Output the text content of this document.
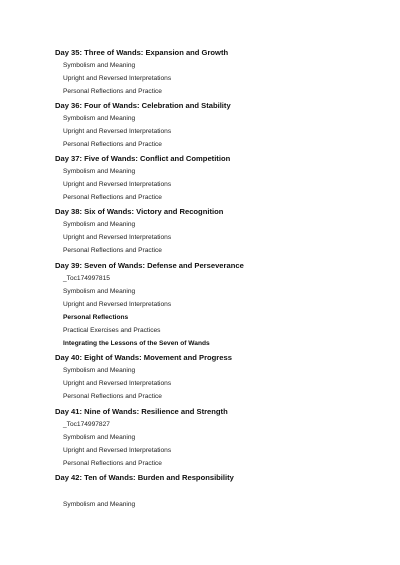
Day 35: Three of Wands: Expansion and Growth
Symbolism and Meaning
Upright and Reversed Interpretations
Personal Reflections and Practice
Day 36: Four of Wands: Celebration and Stability
Symbolism and Meaning
Upright and Reversed Interpretations
Personal Reflections and Practice
Day 37: Five of Wands: Conflict and Competition
Symbolism and Meaning
Upright and Reversed Interpretations
Personal Reflections and Practice
Day 38: Six of Wands: Victory and Recognition
Symbolism and Meaning
Upright and Reversed Interpretations
Personal Reflections and Practice
Day 39: Seven of Wands: Defense and Perseverance
_Toc174997815
Symbolism and Meaning
Upright and Reversed Interpretations
Personal Reflections
Practical Exercises and Practices
Integrating the Lessons of the Seven of Wands
Day 40: Eight of Wands: Movement and Progress
Symbolism and Meaning
Upright and Reversed Interpretations
Personal Reflections and Practice
Day 41: Nine of Wands: Resilience and Strength
_Toc174997827
Symbolism and Meaning
Upright and Reversed Interpretations
Personal Reflections and Practice
Day 42: Ten of Wands: Burden and Responsibility
Symbolism and Meaning
